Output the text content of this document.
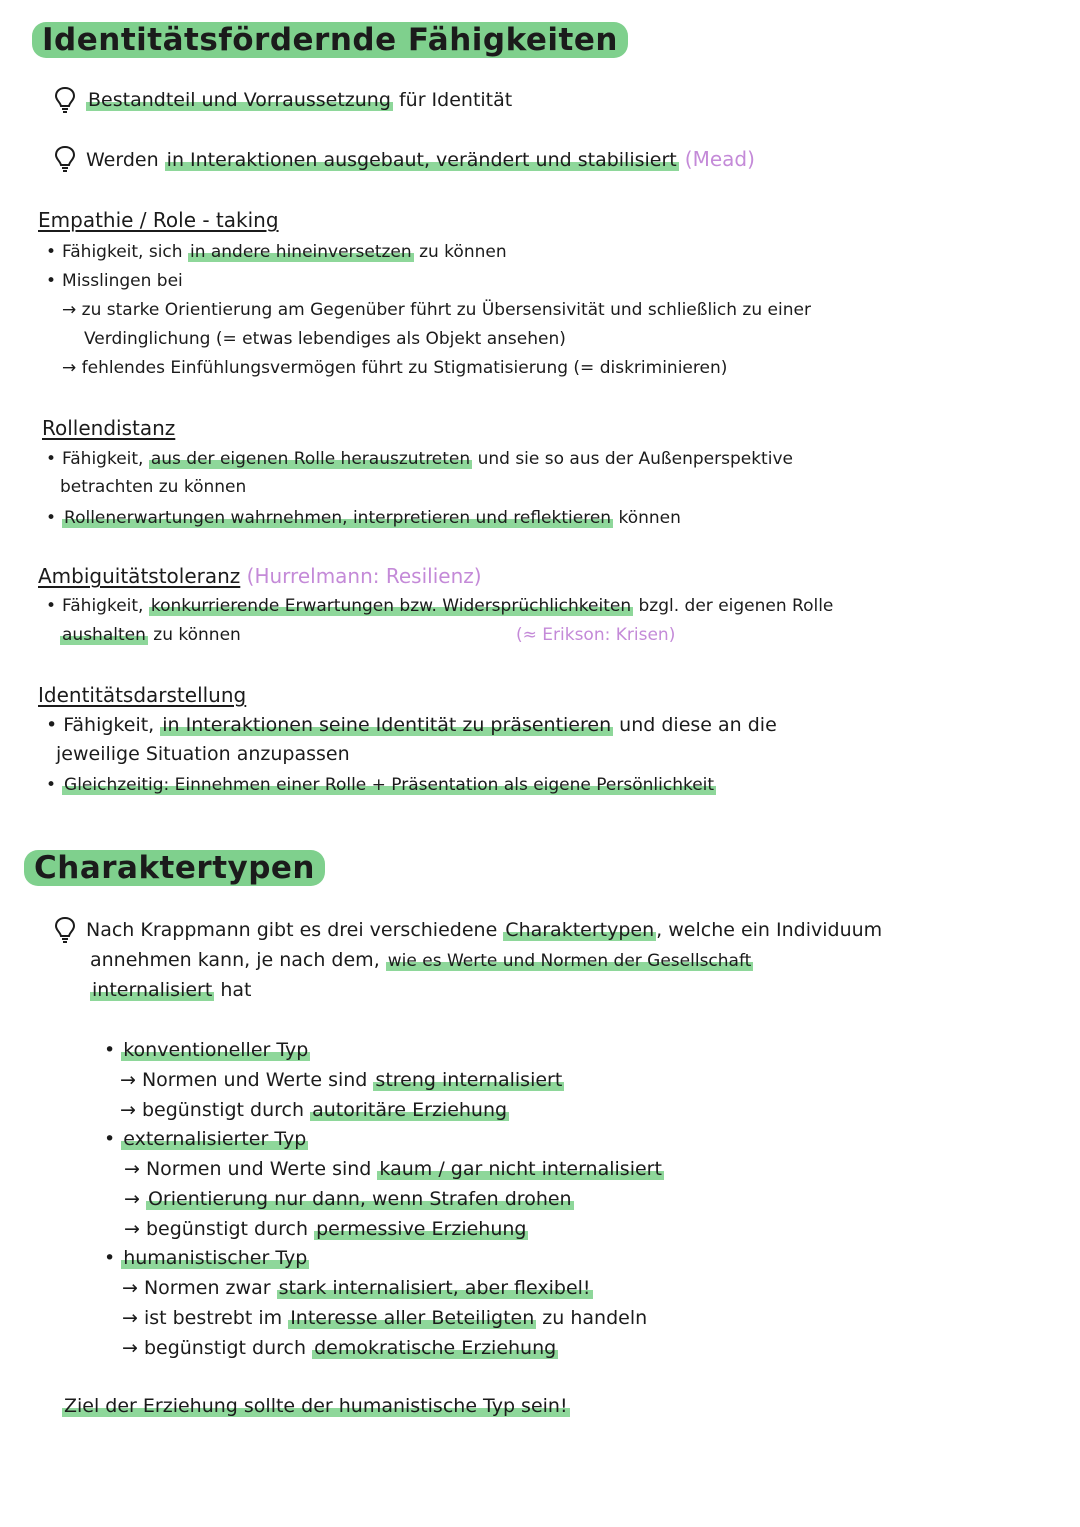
Identitätsfördernde Fähigkeiten
Bestandteil und Vorraussetzung für Identität
Werden in Interaktionen ausgebaut, verändert und stabilisiert (Mead)
Empathie / Role - taking
• Fähigkeit, sich in andere hineinversetzen zu können
• Misslingen bei
→ zu starke Orientierung am Gegenüber führt zu Übersensivität und schließlich zu einer
Verdinglichung (= etwas lebendiges als Objekt ansehen)
→ fehlendes Einfühlungsvermögen führt zu Stigmatisierung (= diskriminieren)
Rollendistanz
• Fähigkeit, aus der eigenen Rolle herauszutreten und sie so aus der Außenperspektive
betrachten zu können
• Rollenerwartungen wahrnehmen, interpretieren und reflektieren können
Ambiguitätstoleranz (Hurrelmann: Resilienz)
• Fähigkeit, konkurrierende Erwartungen bzw. Widersprüchlichkeiten bzgl. der eigenen Rolle
aushalten zu können	(≈ Erikson: Krisen)
Identitätsdarstellung
• Fähigkeit, in Interaktionen seine Identität zu präsentieren und diese an die
jeweilige Situation anzupassen
• Gleichzeitig: Einnehmen einer Rolle + Präsentation als eigene Persönlichkeit
Charaktertypen
Nach Krappmann gibt es drei verschiedene Charaktertypen , welche ein Individuum
annehmen kann, je nach dem, wie es Werte und Normen der Gesellschaft
internalisiert hat
• konventioneller Typ
→ Normen und Werte sind streng internalisiert
→ begünstigt durch autoritäre Erziehung
• externalisierter Typ
→ Normen und Werte sind kaum / gar nicht internalisiert
→ Orientierung nur dann, wenn Strafen drohen
→ begünstigt durch permessive Erziehung
• humanistischer Typ
→ Normen zwar stark internalisiert, aber flexibel!
→ ist bestrebt im Interesse aller Beteiligten zu handeln
→ begünstigt durch demokratische Erziehung
Ziel der Erziehung sollte der humanistische Typ sein!
